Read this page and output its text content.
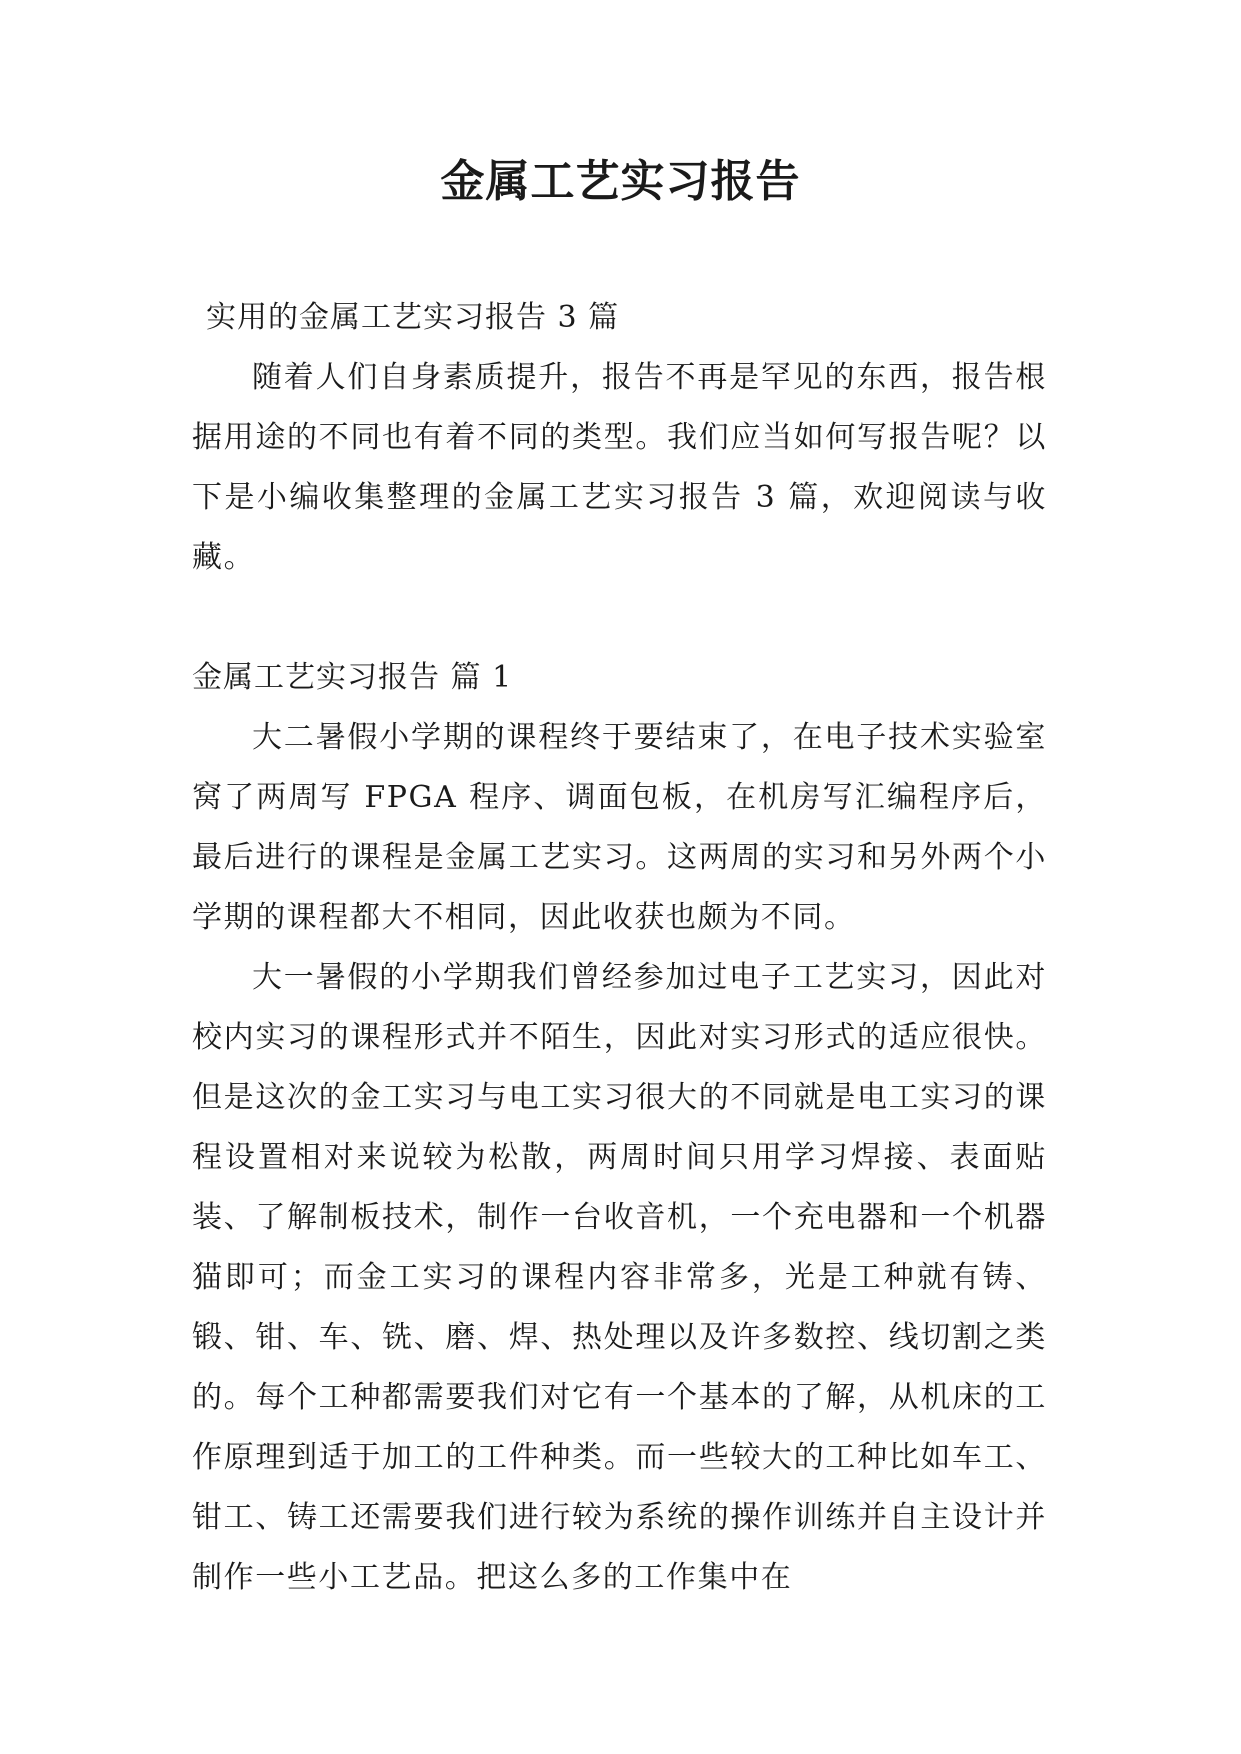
金属工艺实习报告

实用的金属工艺实习报告 3 篇

随着人们自身素质提升，报告不再是罕见的东西，报告根据用途的不同也有着不同的类型。我们应当如何写报告呢？以下是小编收集整理的金属工艺实习报告 3 篇，欢迎阅读与收藏。

金属工艺实习报告 篇 1

大二暑假小学期的课程终于要结束了，在电子技术实验室窝了两周写 FPGA 程序、调面包板，在机房写汇编程序后，最后进行的课程是金属工艺实习。这两周的实习和另外两个小学期的课程都大不相同，因此收获也颇为不同。

大一暑假的小学期我们曾经参加过电子工艺实习，因此对校内实习的课程形式并不陌生，因此对实习形式的适应很快。但是这次的金工实习与电工实习很大的不同就是电工实习的课程设置相对来说较为松散，两周时间只用学习焊接、表面贴装、了解制板技术，制作一台收音机，一个充电器和一个机器猫即可；而金工实习的课程内容非常多，光是工种就有铸、锻、钳、车、铣、磨、焊、热处理以及许多数控、线切割之类的。每个工种都需要我们对它有一个基本的了解，从机床的工作原理到适于加工的工件种类。而一些较大的工种比如车工、钳工、铸工还需要我们进行较为系统的操作训练并自主设计并制作一些小工艺品。把这么多的工作集中在
